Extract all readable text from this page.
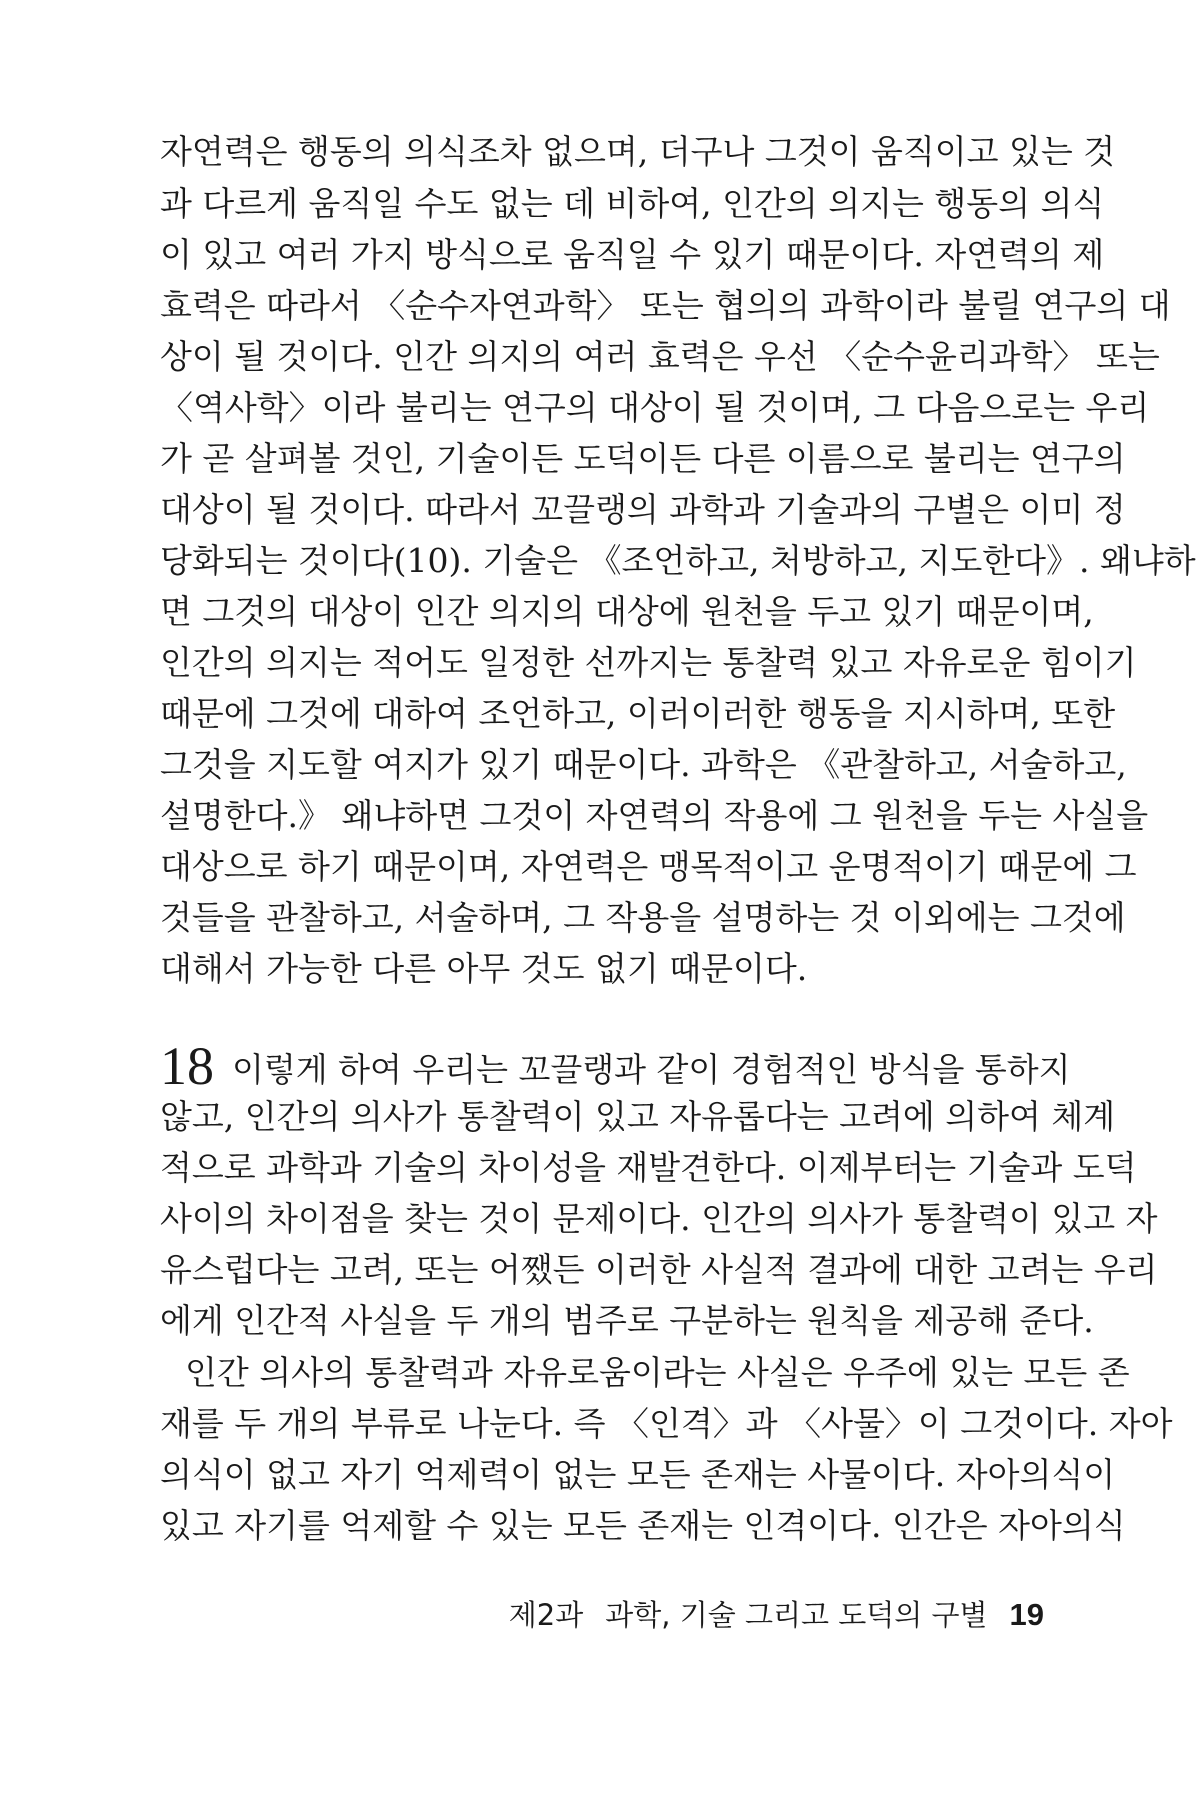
자연력은 행동의 의식조차 없으며, 더구나 그것이 움직이고 있는 것
과 다르게 움직일 수도 없는 데 비하여, 인간의 의지는 행동의 의식
이 있고 여러 가지 방식으로 움직일 수 있기 때문이다. 자연력의 제
효력은 따라서 〈순수자연과학〉 또는 협의의 과학이라 불릴 연구의 대
상이 될 것이다. 인간 의지의 여러 효력은 우선 〈순수윤리과학〉 또는
〈역사학〉이라 불리는 연구의 대상이 될 것이며, 그 다음으로는 우리
가 곧 살펴볼 것인, 기술이든 도덕이든 다른 이름으로 불리는 연구의
대상이 될 것이다. 따라서 꼬끌랭의 과학과 기술과의 구별은 이미 정
당화되는 것이다(10). 기술은 《조언하고, 처방하고, 지도한다》. 왜냐하
면 그것의 대상이 인간 의지의 대상에 원천을 두고 있기 때문이며,
인간의 의지는 적어도 일정한 선까지는 통찰력 있고 자유로운 힘이기
때문에 그것에 대하여 조언하고, 이러이러한 행동을 지시하며, 또한
그것을 지도할 여지가 있기 때문이다. 과학은 《관찰하고, 서술하고,
설명한다.》 왜냐하면 그것이 자연력의 작용에 그 원천을 두는 사실을
대상으로 하기 때문이며, 자연력은 맹목적이고 운명적이기 때문에 그
것들을 관찰하고, 서술하며, 그 작용을 설명하는 것 이외에는 그것에
대해서 가능한 다른 아무 것도 없기 때문이다.
18 이렇게 하여 우리는 꼬끌랭과 같이 경험적인 방식을 통하지
않고, 인간의 의사가 통찰력이 있고 자유롭다는 고려에 의하여 체계
적으로 과학과 기술의 차이성을 재발견한다. 이제부터는 기술과 도덕
사이의 차이점을 찾는 것이 문제이다. 인간의 의사가 통찰력이 있고 자
유스럽다는 고려, 또는 어쨌든 이러한 사실적 결과에 대한 고려는 우리
에게 인간적 사실을 두 개의 범주로 구분하는 원칙을 제공해 준다.
인간 의사의 통찰력과 자유로움이라는 사실은 우주에 있는 모든 존
재를 두 개의 부류로 나눈다. 즉 〈인격〉과 〈사물〉이 그것이다. 자아
의식이 없고 자기 억제력이 없는 모든 존재는 사물이다. 자아의식이
있고 자기를 억제할 수 있는 모든 존재는 인격이다. 인간은 자아의식
제2과 과학, 기술 그리고 도덕의 구별 19
